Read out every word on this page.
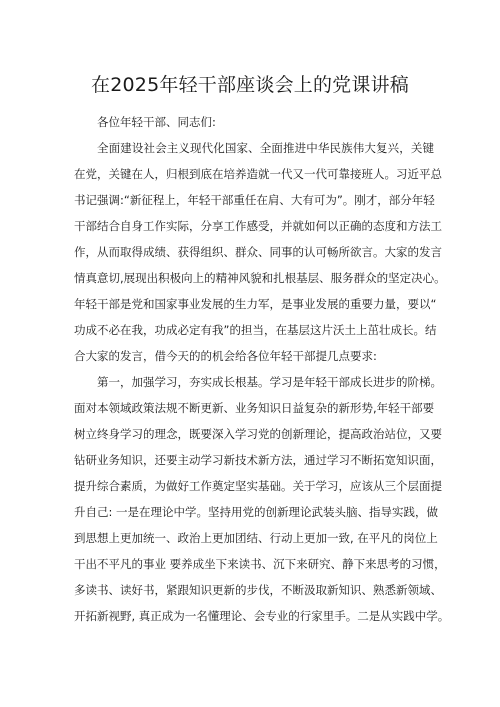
在2025年轻干部座谈会上的党课讲稿
各位年轻干部、同志们:
全面建设社会主义现代化国家、全面推进中华民族伟大复兴，关键
在党，关键在人，归根到底在培养造就一代又一代可靠接班人。习近平总
书记强调:“新征程上，年轻干部重任在肩、大有可为”。刚才，部分年轻
干部结合自身工作实际，分享工作感受，并就如何以正确的态度和方法工
作，从而取得成绩、获得组织、群众、同事的认可畅所欲言。大家的发言
情真意切,展现出积极向上的精神风貌和扎根基层、服务群众的坚定决心。
年轻干部是党和国家事业发展的生力军，是事业发展的重要力量，要以“
功成不必在我，功成必定有我”的担当，在基层这片沃土上茁壮成长。结
合大家的发言，借今天的的机会给各位年轻干部提几点要求:
第一，加强学习，夯实成长根基。学习是年轻干部成长进步的阶梯。
面对本领域政策法规不断更新、业务知识日益复杂的新形势,年轻干部要
树立终身学习的理念，既要深入学习党的创新理论，提高政治站位，又要
钻研业务知识，还要主动学习新技术新方法，通过学习不断拓宽知识面，
提升综合素质，为做好工作奠定坚实基础。关于学习，应该从三个层面提
升自己: 一是在理论中学。坚持用党的创新理论武装头脑、指导实践，做
到思想上更加统一、政治上更加团结、行动上更加一致, 在平凡的岗位上
干出不平凡的事业 要养成坐下来读书、沉下来研究、静下来思考的习惯，
多读书、读好书，紧跟知识更新的步伐，不断汲取新知识、熟悉新领域、
开拓新视野, 真正成为一名懂理论、会专业的行家里手。二是从实践中学。
